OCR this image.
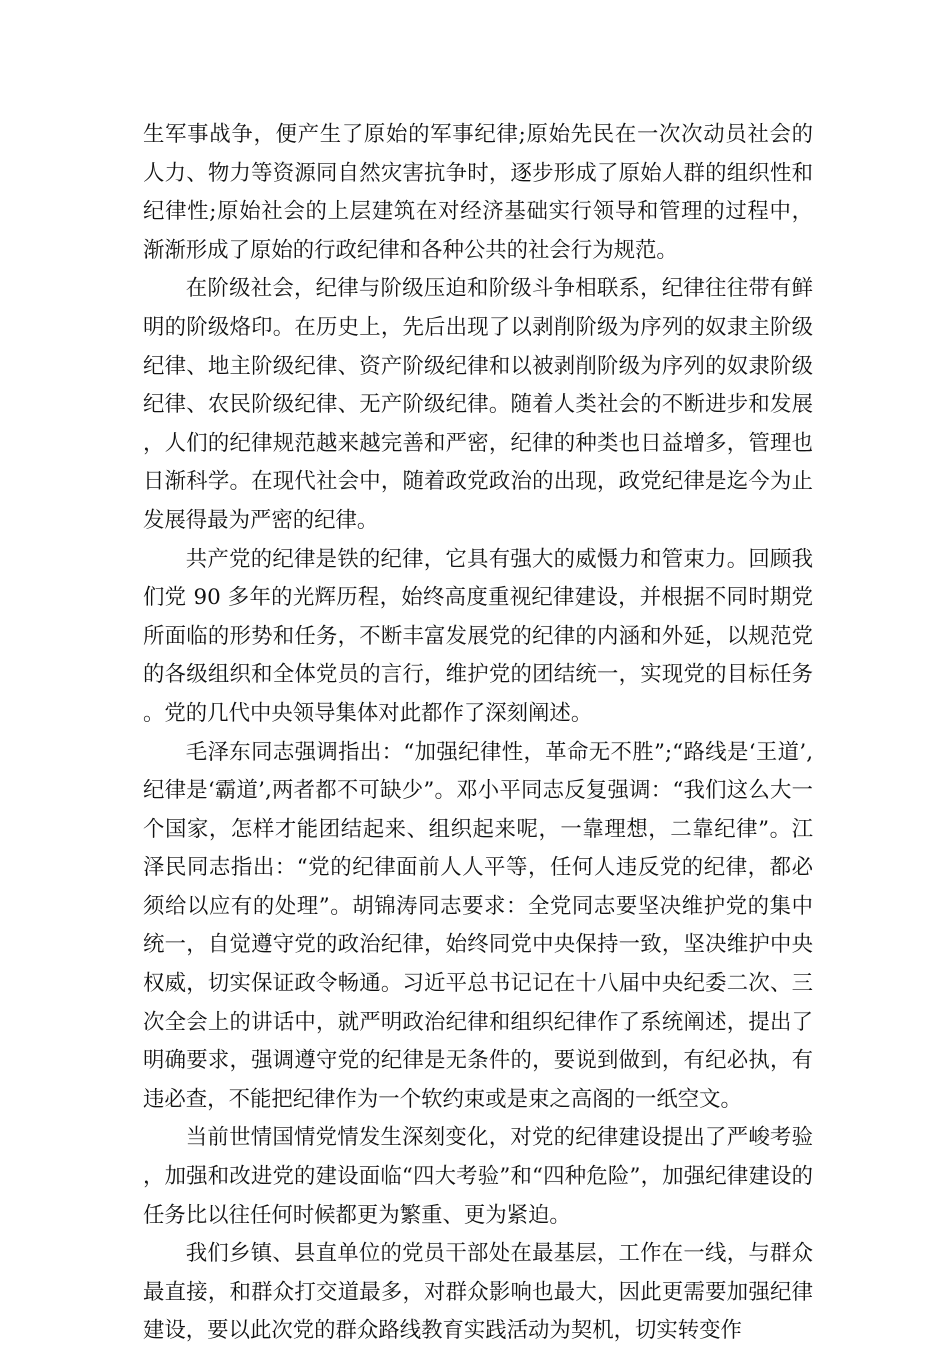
生军事战争，便产生了原始的军事纪律;原始先民在一次次动员社会的人力、物力等资源同自然灾害抗争时，逐步形成了原始人群的组织性和纪律性;原始社会的上层建筑在对经济基础实行领导和管理的过程中，渐渐形成了原始的行政纪律和各种公共的社会行为规范。

在阶级社会，纪律与阶级压迫和阶级斗争相联系，纪律往往带有鲜明的阶级烙印。在历史上，先后出现了以剥削阶级为序列的奴隶主阶级纪律、地主阶级纪律、资产阶级纪律和以被剥削阶级为序列的奴隶阶级纪律、农民阶级纪律、无产阶级纪律。随着人类社会的不断进步和发展，人们的纪律规范越来越完善和严密，纪律的种类也日益增多，管理也日渐科学。在现代社会中，随着政党政治的出现，政党纪律是迄今为止发展得最为严密的纪律。

共产党的纪律是铁的纪律，它具有强大的威慑力和管束力。回顾我们党 90 多年的光辉历程，始终高度重视纪律建设，并根据不同时期党所面临的形势和任务，不断丰富发展党的纪律的内涵和外延，以规范党的各级组织和全体党员的言行，维护党的团结统一，实现党的目标任务。党的几代中央领导集体对此都作了深刻阐述。

毛泽东同志强调指出：“加强纪律性，革命无不胜”;“路线是‘王道’,纪律是‘霸道’,两者都不可缺少”。邓小平同志反复强调：“我们这么大一个国家，怎样才能团结起来、组织起来呢，一靠理想，二靠纪律”。江泽民同志指出：“党的纪律面前人人平等，任何人违反党的纪律，都必须给以应有的处理”。胡锦涛同志要求：全党同志要坚决维护党的集中统一，自觉遵守党的政治纪律，始终同党中央保持一致，坚决维护中央权威，切实保证政令畅通。习近平总书记记在十八届中央纪委二次、三次全会上的讲话中，就严明政治纪律和组织纪律作了系统阐述，提出了明确要求，强调遵守党的纪律是无条件的，要说到做到，有纪必执，有违必查，不能把纪律作为一个软约束或是束之高阁的一纸空文。

当前世情国情党情发生深刻变化，对党的纪律建设提出了严峻考验，加强和改进党的建设面临“四大考验”和“四种危险”，加强纪律建设的任务比以往任何时候都更为繁重、更为紧迫。

我们乡镇、县直单位的党员干部处在最基层，工作在一线，与群众最直接，和群众打交道最多，对群众影响也最大，因此更需要加强纪律建设，要以此次党的群众路线教育实践活动为契机，切实转变作
